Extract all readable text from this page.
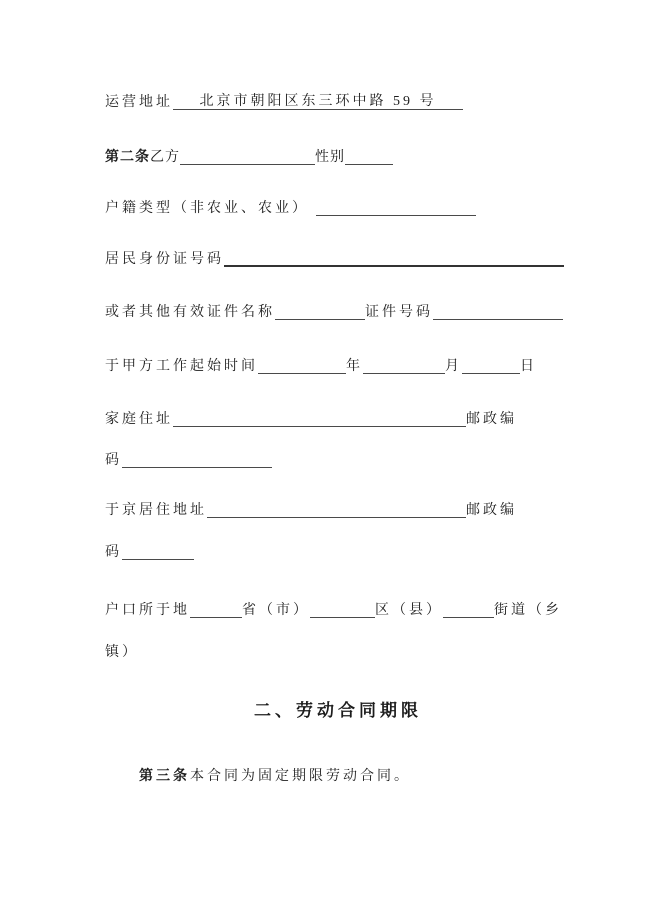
运营地址 北京市朝阳区东三环中路 59 号
第二条乙方	性别
户籍类型（非农业、农业）
居民身份证号码
或者其他有效证件名称	证件号码
于甲方工作起始时间	年	月	日
家庭住址	邮政编
码
于京居住地址	邮政编
码
户口所于地	省（市）	区（县）	街道（乡
镇）
二、劳动合同期限
第三条本合同为固定期限劳动合同。
